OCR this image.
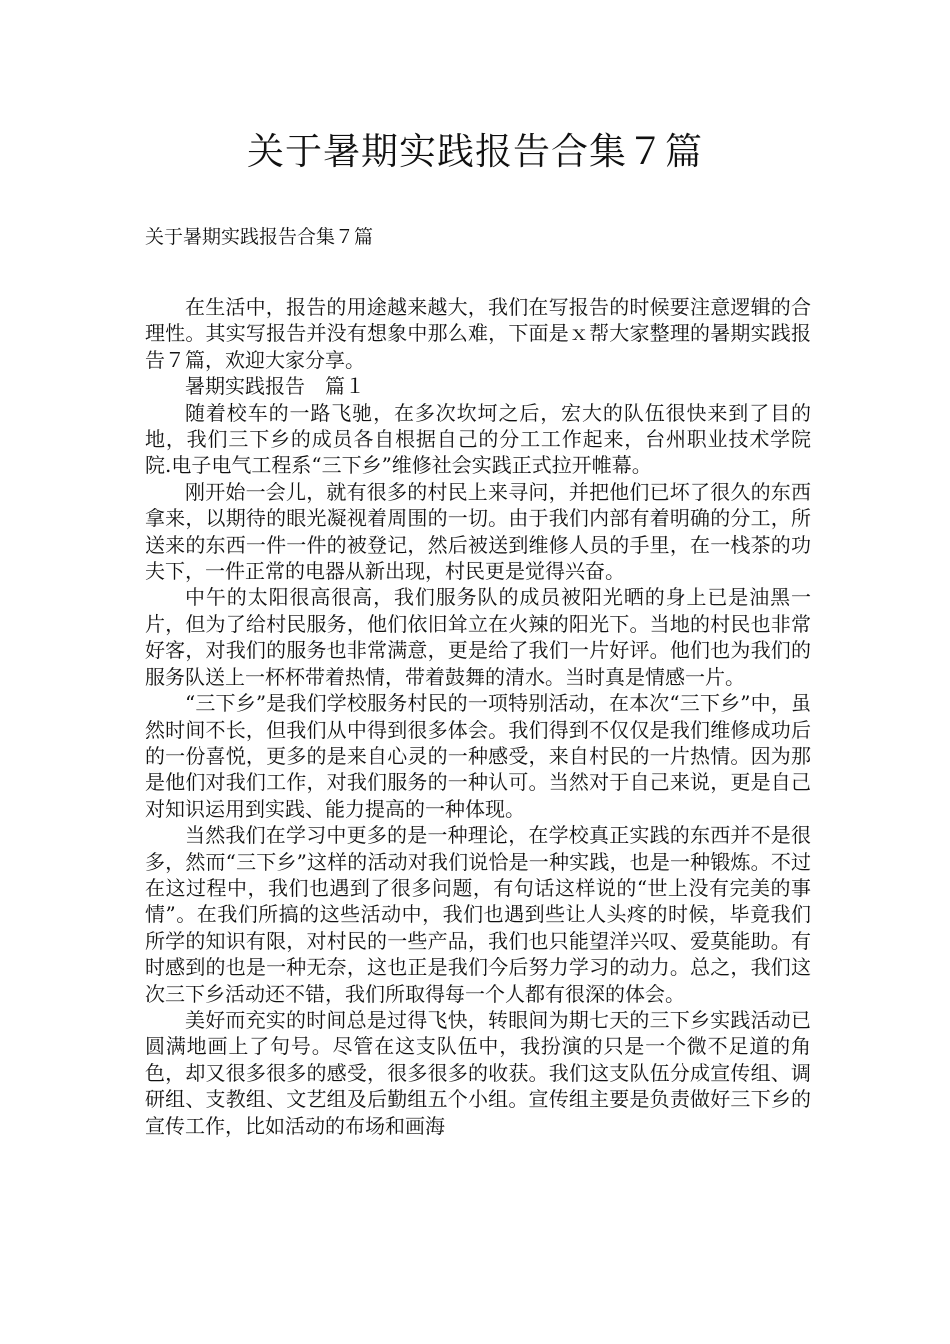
关于暑期实践报告合集７篇
关于暑期实践报告合集７篇

在生活中，报告的用途越来越大，我们在写报告的时候要注意逻辑的合理性。其实写报告并没有想象中那么难，下面是ｘ帮大家整理的暑期实践报告７篇，欢迎大家分享。

暑期实践报告　篇１

随着校车的一路飞驰，在多次坎坷之后，宏大的队伍很快来到了目的地，我们三下乡的成员各自根据自己的分工工作起来，台州职业技术学院院.电子电气工程系“三下乡”维修社会实践正式拉开帷幕。

刚开始一会儿，就有很多的村民上来寻问，并把他们已坏了很久的东西拿来，以期待的眼光凝视着周围的一切。由于我们内部有着明确的分工，所送来的东西一件一件的被登记，然后被送到维修人员的手里，在一栈茶的功夫下，一件正常的电器从新出现，村民更是觉得兴奋。

中午的太阳很高很高，我们服务队的成员被阳光晒的身上已是油黑一片，但为了给村民服务，他们依旧耸立在火辣的阳光下。当地的村民也非常好客，对我们的服务也非常满意，更是给了我们一片好评。他们也为我们的服务队送上一杯杯带着热情，带着鼓舞的清水。当时真是情感一片。

“三下乡”是我们学校服务村民的一项特别活动，在本次“三下乡”中，虽然时间不长，但我们从中得到很多体会。我们得到不仅仅是我们维修成功后的一份喜悦，更多的是来自心灵的一种感受，来自村民的一片热情。因为那是他们对我们工作，对我们服务的一种认可。当然对于自己来说，更是自己对知识运用到实践、能力提高的一种体现。

当然我们在学习中更多的是一种理论，在学校真正实践的东西并不是很多，然而“三下乡”这样的活动对我们说恰是一种实践，也是一种锻炼。不过在这过程中，我们也遇到了很多问题，有句话这样说的“世上没有完美的事情”。在我们所搞的这些活动中，我们也遇到些让人头疼的时候，毕竟我们所学的知识有限，对村民的一些产品，我们也只能望洋兴叹、爱莫能助。有时感到的也是一种无奈，这也正是我们今后努力学习的动力。总之，我们这次三下乡活动还不错，我们所取得每一个人都有很深的体会。

美好而充实的时间总是过得飞快，转眼间为期七天的三下乡实践活动已圆满地画上了句号。尽管在这支队伍中，我扮演的只是一个微不足道的角色，却又很多很多的感受，很多很多的收获。我们这支队伍分成宣传组、调研组、支教组、文艺组及后勤组五个小组。宣传组主要是负责做好三下乡的宣传工作，比如活动的布场和画海
